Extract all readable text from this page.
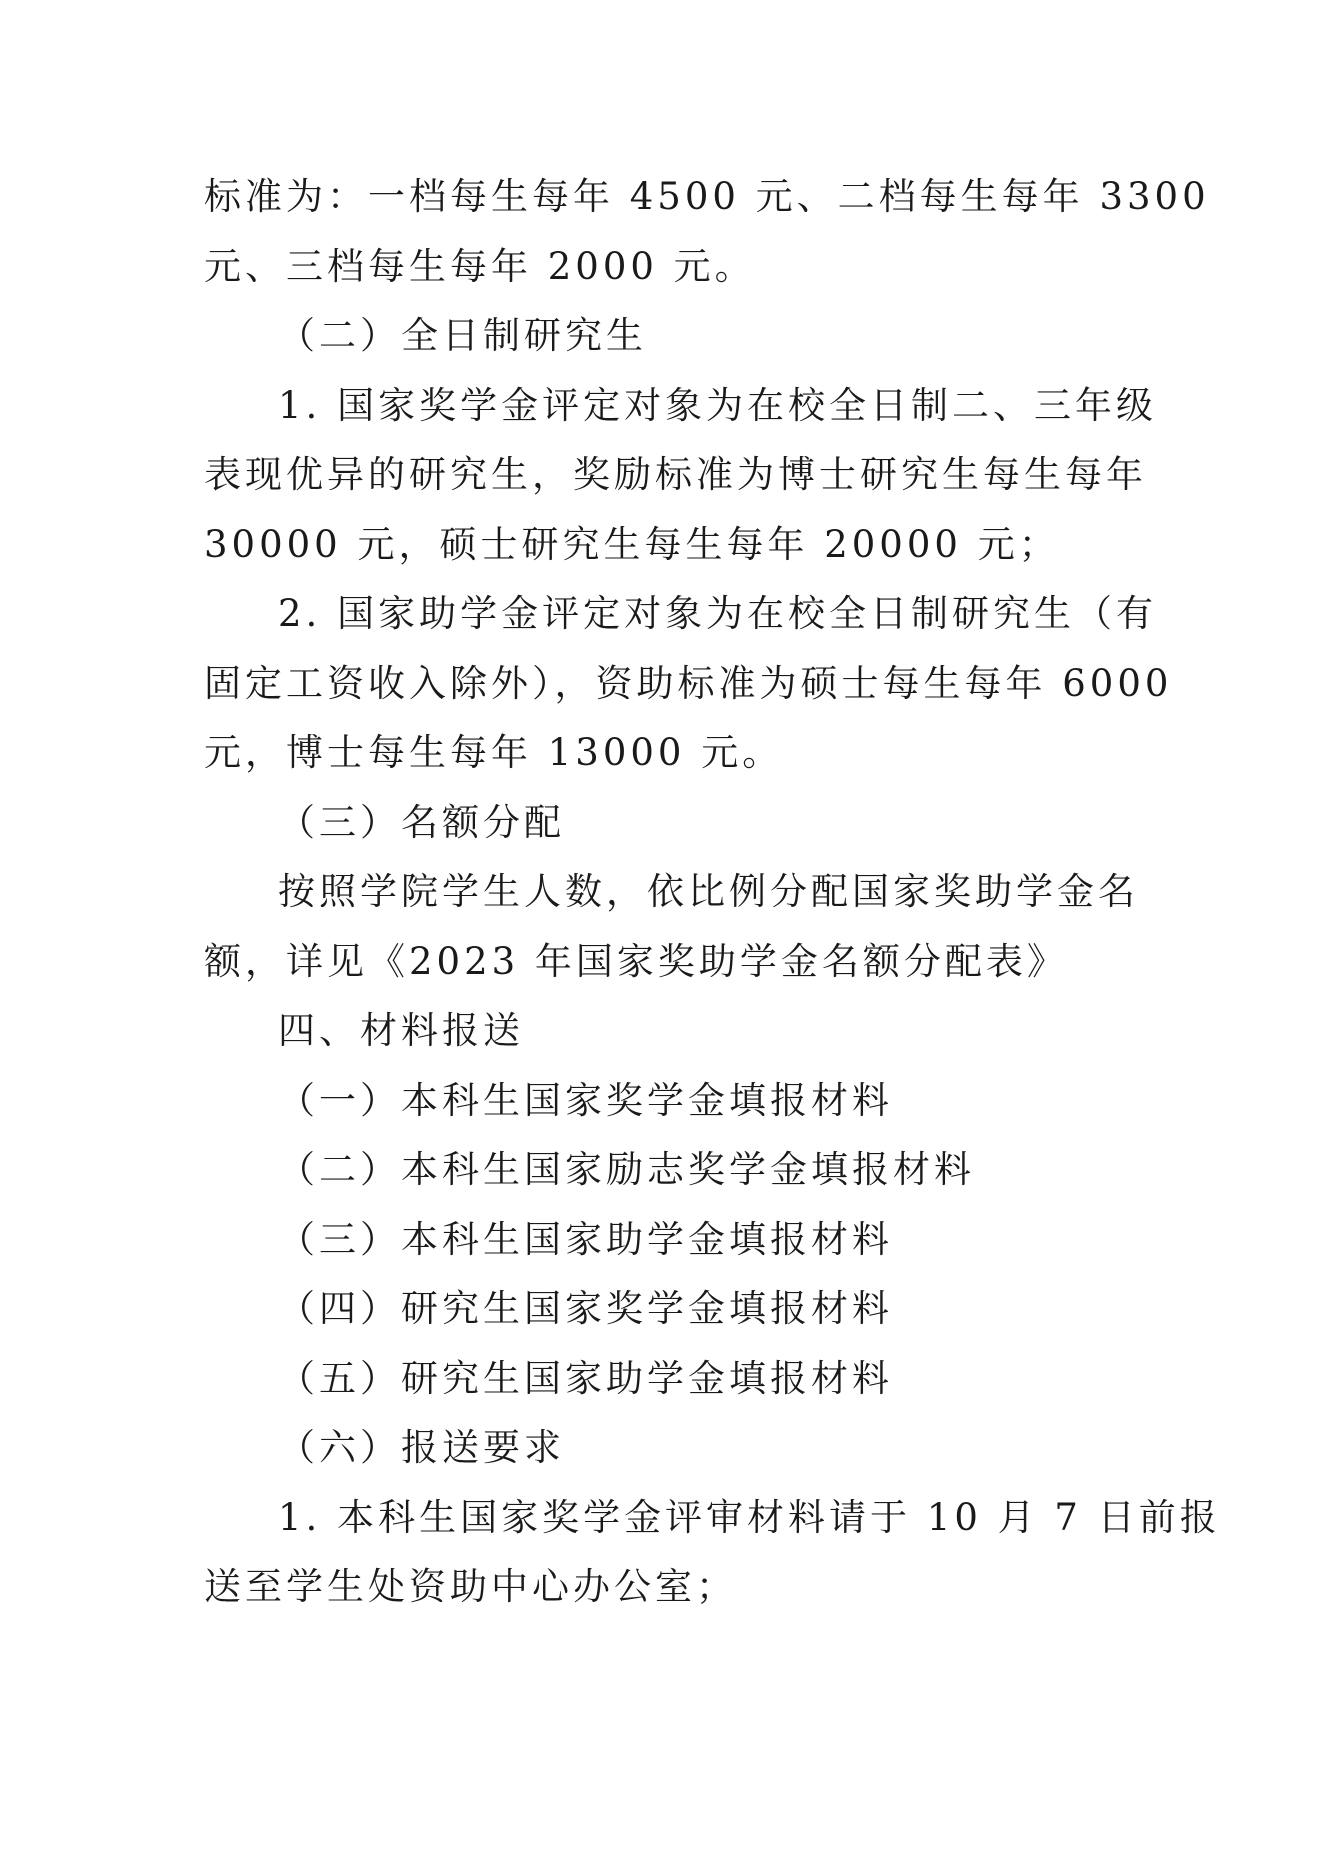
标准为：一档每生每年 4500 元、二档每生每年 3300
元、三档每生每年 2000 元。
（二）全日制研究生
1. 国家奖学金评定对象为在校全日制二、三年级
表现优异的研究生，奖励标准为博士研究生每生每年
30000 元，硕士研究生每生每年 20000 元；
2. 国家助学金评定对象为在校全日制研究生（有
固定工资收入除外），资助标准为硕士每生每年 6000
元，博士每生每年 13000 元。
（三）名额分配
按照学院学生人数，依比例分配国家奖助学金名
额，详见《2023 年国家奖助学金名额分配表》
四、材料报送
（一）本科生国家奖学金填报材料
（二）本科生国家励志奖学金填报材料
（三）本科生国家助学金填报材料
（四）研究生国家奖学金填报材料
（五）研究生国家助学金填报材料
（六）报送要求
1. 本科生国家奖学金评审材料请于 10 月 7 日前报
送至学生处资助中心办公室；
